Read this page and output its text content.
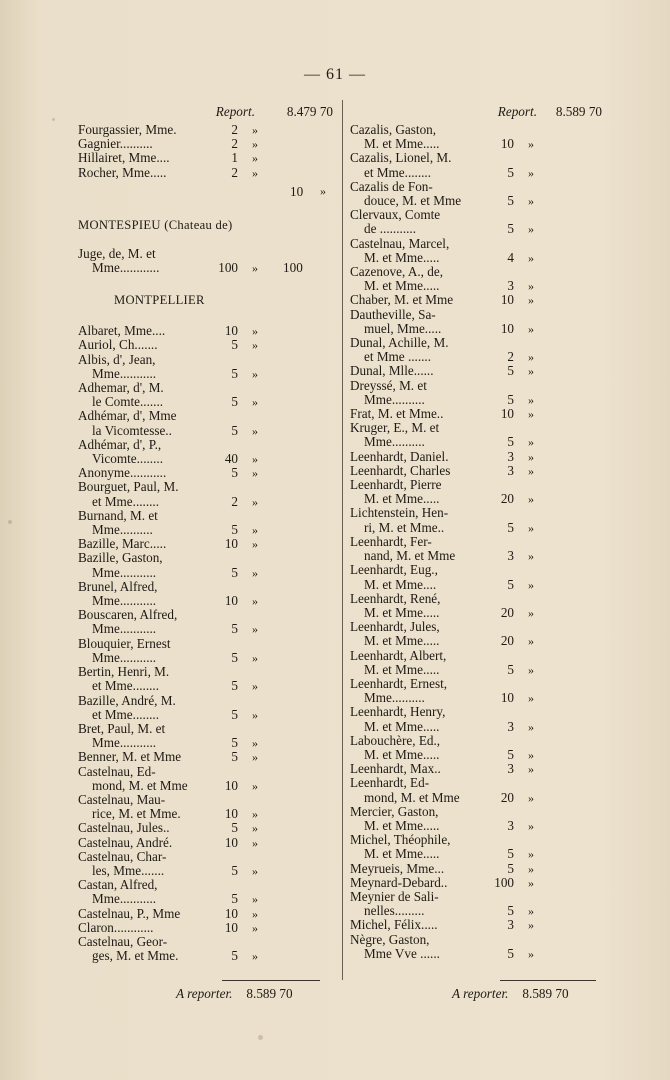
— 61 —
Report. 8.479 70
Fourgassier, Mme.	2 »
Gagnier..........	2 »
Hillairet, Mme....	1 »
Rocher, Mme.....	2 »
10 »
MONTESPIEU (Chateau de)
Juge, de, M. et
Mme............	100 » 100
MONTPELLIER
Albaret, Mme....	10 »
Auriol, Ch.......	5 »
Albis, d', Jean,
Mme...........	5 »
Adhemar, d', M.
le Comte.......	5 »
Adhémar, d', Mme
la Vicomtesse..	5 »
Adhémar, d', P.,
Vicomte........	40 »
Anonyme...........	5 »
Bourguet, Paul, M.
et Mme........	2 »
Burnand, M. et
Mme..........	5 »
Bazille, Marc.....	10 »
Bazille, Gaston,
Mme...........	5 »
Brunel, Alfred,
Mme...........	10 »
Bouscaren, Alfred,
Mme...........	5 »
Blouquier, Ernest
Mme...........	5 »
Bertin, Henri, M.
et Mme........	5 »
Bazille, André, M.
et Mme........	5 »
Bret, Paul, M. et
Mme...........	5 »
Benner, M. et Mme	5 »
Castelnau, Ed-
mond, M. et Mme	10 »
Castelnau, Mau-
rice, M. et Mme.	10 »
Castelnau, Jules..	5 »
Castelnau, André.	10 »
Castelnau, Char-
les, Mme.......	5 »
Castan, Alfred,
Mme...........	5 »
Castelnau, P., Mme	10 »
Claron............	10 »
Castelnau, Geor-
ges, M. et Mme.	5 »
Report. 8.589 70
Cazalis, Gaston,
M. et Mme.....	10 »
Cazalis, Lionel, M.
et Mme........	5 »
Cazalis de Fon-
douce, M. et Mme	5 »
Clervaux, Comte
de ...........	5 »
Castelnau, Marcel,
M. et Mme.....	4 »
Cazenove, A., de,
M. et Mme.....	3 »
Chaber, M. et Mme	10 »
Dautheville, Sa-
muel, Mme.....	10 »
Dunal, Achille, M.
et Mme .......	2 »
Dunal, Mlle......	5 »
Dreyssé, M. et
Mme..........	5 »
Frat, M. et Mme..	10 »
Kruger, E., M. et
Mme..........	5 »
Leenhardt, Daniel.	3 »
Leenhardt, Charles	3 »
Leenhardt, Pierre
M. et Mme.....	20 »
Lichtenstein, Hen-
ri, M. et Mme..	5 »
Leenhardt, Fer-
nand, M. et Mme	3 »
Leenhardt, Eug.,
M. et Mme....	5 »
Leenhardt, René,
M. et Mme.....	20 »
Leenhardt, Jules,
M. et Mme.....	20 »
Leenhardt, Albert,
M. et Mme.....	5 »
Leenhardt, Ernest,
Mme..........	10 »
Leenhardt, Henry,
M. et Mme.....	3 »
Labouchère, Ed.,
M. et Mme.....	5 »
Leenhardt, Max..	3 »
Leenhardt, Ed-
mond, M. et Mme	20 »
Mercier, Gaston,
M. et Mme.....	3 »
Michel, Théophile,
M. et Mme.....	5 »
Meyrueis, Mme...	5 »
Meynard-Debard..	100 »
Meynier de Sali-
nelles.........	5 »
Michel, Félix.....	3 »
Nègre, Gaston,
Mme Vve ......	5 »
A reporter. 8.589 70	A reporter. 8.589 70
